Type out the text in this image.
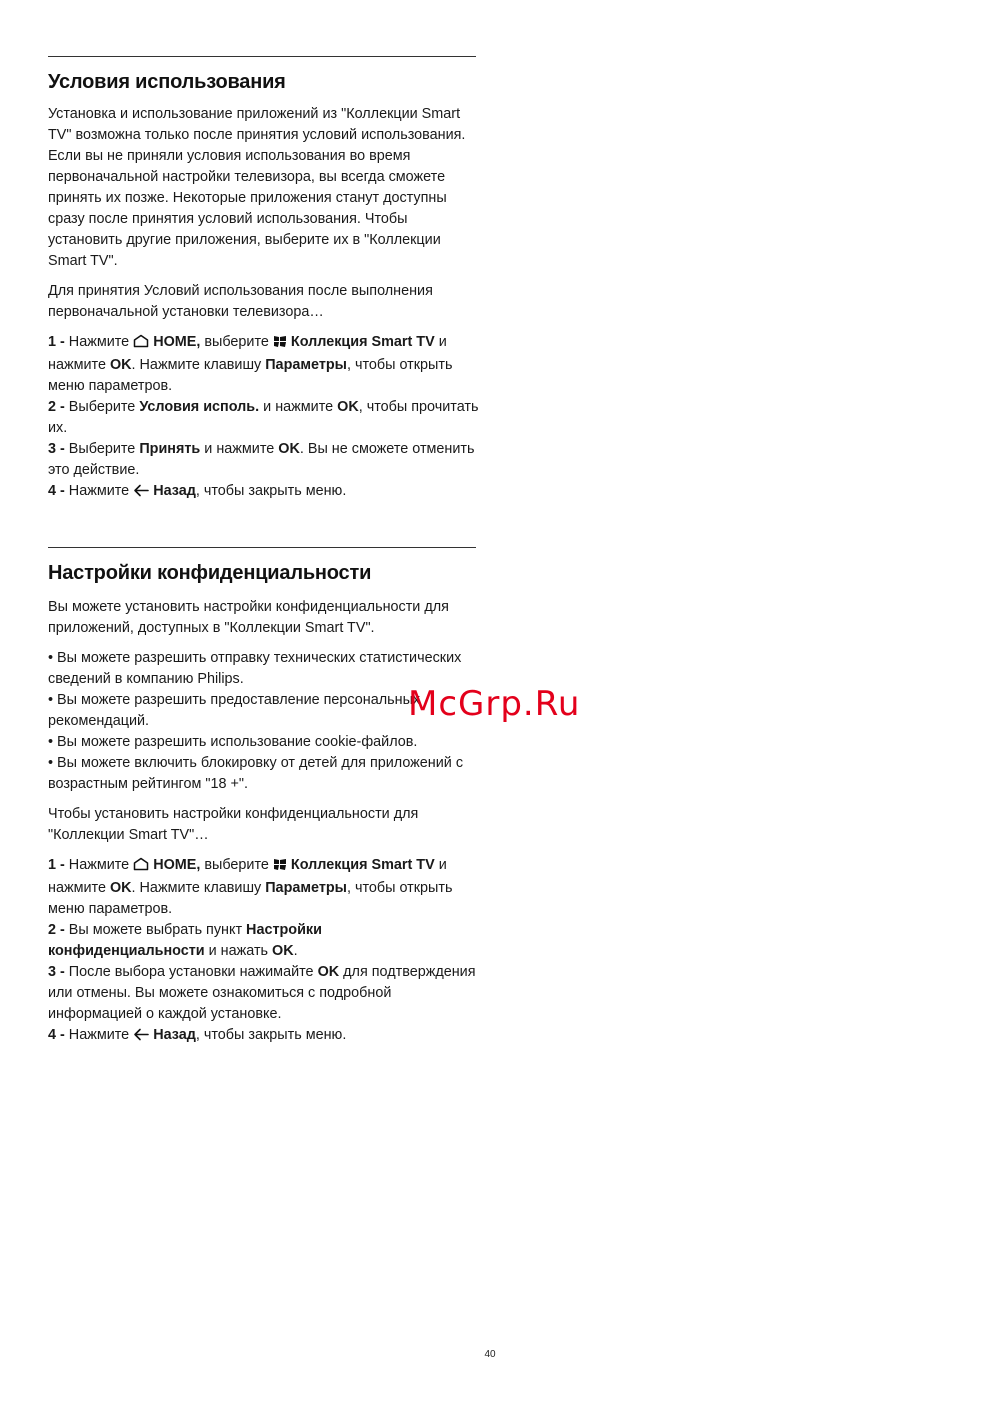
Условия использования

Установка и использование приложений из "Коллекции Smart TV" возможна только после принятия условий использования. Если вы не приняли условия использования во время первоначальной настройки телевизора, вы всегда сможете принять их позже. Некоторые приложения станут доступны сразу после принятия условий использования. Чтобы установить другие приложения, выберите их в "Коллекции Smart TV".

Для принятия Условий использования после выполнения первоначальной установки телевизора…

1 - Нажмите HOME, выберите Коллекция Smart TV и нажмите OK. Нажмите клавишу Параметры, чтобы открыть меню параметров.

2 - Выберите Условия исполь. и нажмите OK, чтобы прочитать их.

3 - Выберите Принять и нажмите OK. Вы не сможете отменить это действие.

4 - Нажмите Назад, чтобы закрыть меню.

Настройки конфиденциальности

Вы можете установить настройки конфиденциальности для приложений, доступных в "Коллекции Smart TV".

• Вы можете разрешить отправку технических статистических сведений в компанию Philips.

• Вы можете разрешить предоставление персональных рекомендаций.

• Вы можете разрешить использование cookie-файлов.

• Вы можете включить блокировку от детей для приложений с возрастным рейтингом "18 +".

Чтобы установить настройки конфиденциальности для "Коллекции Smart TV"…

1 - Нажмите HOME, выберите Коллекция Smart TV и нажмите OK. Нажмите клавишу Параметры, чтобы открыть меню параметров.

2 - Вы можете выбрать пункт Настройки конфиденциальности и нажать OK.

3 - После выбора установки нажимайте OK для подтверждения или отмены. Вы можете ознакомиться с подробной информацией о каждой установке.

4 - Нажмите Назад, чтобы закрыть меню.

McGrp.Ru
40
